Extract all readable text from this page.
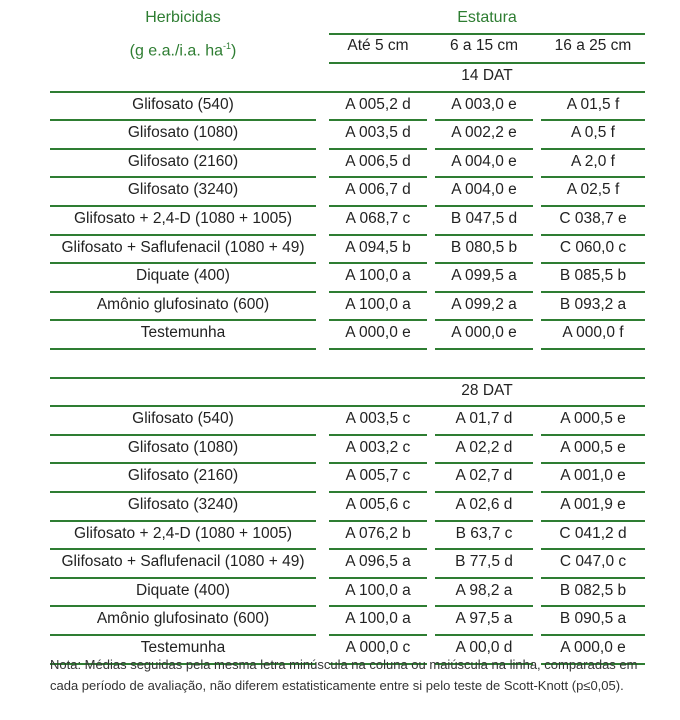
Herbicidas	Estatura
(g e.a./i.a. $ha^{-1}$)	Até 5 cm	6 a 15 cm	16 a 25 cm
14 DAT
Glifosato (540)	A 005,2 d	A 003,0 e	A 01,5 f
Glifosato (1080)	A 003,5 d	A 002,2 e	A 0,5 f
Glifosato (2160)	A 006,5 d	A 004,0 e	A 2,0 f
Glifosato (3240)	A 006,7 d	A 004,0 e	A 02,5 f
Glifosato + 2,4-D (1080 + 1005)	A 068,7 c	B 047,5 d	C 038,7 e
Glifosato + Saflufenacil (1080 + 49)	A 094,5 b	B 080,5 b	C 060,0 c
Diquate (400)	A 100,0 a	A 099,5 a	B 085,5 b
Amônio glufosinato (600)	A 100,0 a	A 099,2 a	B 093,2 a
Testemunha	A 000,0 e	A 000,0 e	A 000,0 f
28 DAT
Glifosato (540)	A 003,5 c	A 01,7 d	A 000,5 e
Glifosato (1080)	A 003,2 c	A 02,2 d	A 000,5 e
Glifosato (2160)	A 005,7 c	A 02,7 d	A 001,0 e
Glifosato (3240)	A 005,6 c	A 02,6 d	A 001,9 e
Glifosato + 2,4-D (1080 + 1005)	A 076,2 b	B 63,7 c	C 041,2 d
Glifosato + Saflufenacil (1080 + 49)	A 096,5 a	B 77,5 d	C 047,0 c
Diquate (400)	A 100,0 a	A 98,2 a	B 082,5 b
Amônio glufosinato (600)	A 100,0 a	A 97,5 a	B 090,5 a
Testemunha	A 000,0 c	A 00,0 d	A 000,0 e
Nota: Médias seguidas pela mesma letra minúscula na coluna ou maiúscula na linha, comparadas em
cada período de avaliação, não diferem estatisticamente entre si pelo teste de Scott-Knott (p≤0,05).
